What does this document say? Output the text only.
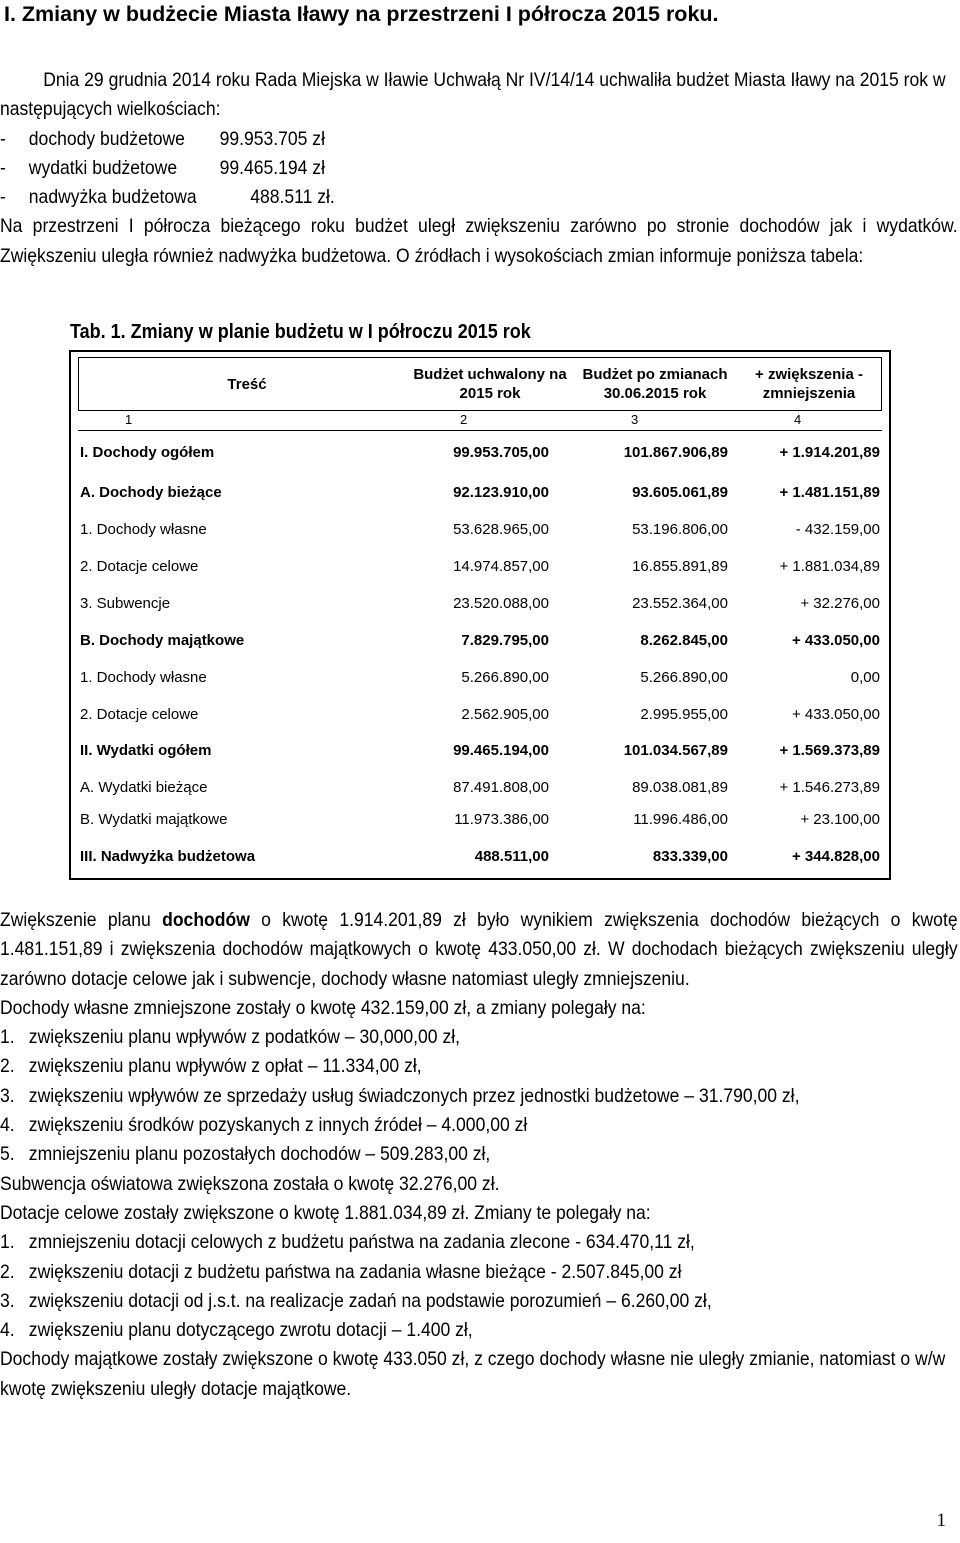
I. Zmiany w budżecie Miasta Iławy na przestrzeni I półrocza 2015 roku.

Dnia 29 grudnia 2014 roku Rada Miejska w Iławie Uchwałą Nr IV/14/14 uchwaliła budżet Miasta Iławy na 2015 rok w następujących wielkościach:

- dochody budżetowe 99.953.705 zł
- wydatki budżetowe 99.465.194 zł
- nadwyżka budżetowa	488.511 zł.

Na przestrzeni I półrocza bieżącego roku budżet uległ zwiększeniu zarówno po stronie dochodów jak i wydatków. Zwiększeniu uległa również nadwyżka budżetowa. O źródłach i wysokościach zmian informuje poniższa tabela:

Tab. 1. Zmiany w planie budżetu w I półroczu 2015 rok
Treść
Budżet uchwalony na 2015 rok
Budżet po zmianach 30.06.2015 rok
+ zwiększenia - zmniejszenia
1	2	3	4
I. Dochody ogółem	99.953.705,00	101.867.906,89	+ 1.914.201,89
A. Dochody bieżące	92.123.910,00	93.605.061,89	+ 1.481.151,89
1. Dochody własne	53.628.965,00	53.196.806,00	- 432.159,00
2. Dotacje celowe	14.974.857,00	16.855.891,89	+ 1.881.034,89
3. Subwencje	23.520.088,00	23.552.364,00	+ 32.276,00
B. Dochody majątkowe	7.829.795,00	8.262.845,00	+ 433.050,00
1. Dochody własne	5.266.890,00	5.266.890,00	0,00
2. Dotacje celowe	2.562.905,00	2.995.955,00	+ 433.050,00
II. Wydatki ogółem	99.465.194,00	101.034.567,89	+ 1.569.373,89
A. Wydatki bieżące	87.491.808,00	89.038.081,89	+ 1.546.273,89
B. Wydatki majątkowe	11.973.386,00	11.996.486,00	+ 23.100,00
III. Nadwyżka budżetowa	488.511,00	833.339,00	+ 344.828,00

Zwiększenie planu dochodów o kwotę 1.914.201,89 zł było wynikiem zwiększenia dochodów bieżących o kwotę 1.481.151,89 i zwiększenia dochodów majątkowych o kwotę 433.050,00 zł. W dochodach bieżących zwiększeniu uległy zarówno dotacje celowe jak i subwencje, dochody własne natomiast uległy zmniejszeniu.

Dochody własne zmniejszone zostały o kwotę 432.159,00 zł, a zmiany polegały na:

1. zwiększeniu planu wpływów z podatków – 30,000,00 zł,
2. zwiększeniu planu wpływów z opłat – 11.334,00 zł,
3. zwiększeniu wpływów ze sprzedaży usług świadczonych przez jednostki budżetowe – 31.790,00 zł,
4. zwiększeniu środków pozyskanych z innych źródeł – 4.000,00 zł
5. zmniejszeniu planu pozostałych dochodów – 509.283,00 zł,

Subwencja oświatowa zwiększona została o kwotę 32.276,00 zł.

Dotacje celowe zostały zwiększone o kwotę 1.881.034,89 zł. Zmiany te polegały na:

1. zmniejszeniu dotacji celowych z budżetu państwa na zadania zlecone - 634.470,11 zł,
2. zwiększeniu dotacji z budżetu państwa na zadania własne bieżące - 2.507.845,00 zł
3. zwiększeniu dotacji od j.s.t. na realizacje zadań na podstawie porozumień – 6.260,00 zł,
4. zwiększeniu planu dotyczącego zwrotu dotacji – 1.400 zł,

Dochody majątkowe zostały zwiększone o kwotę 433.050 zł, z czego dochody własne nie uległy zmianie, natomiast o w/w kwotę zwiększeniu uległy dotacje majątkowe.

1
